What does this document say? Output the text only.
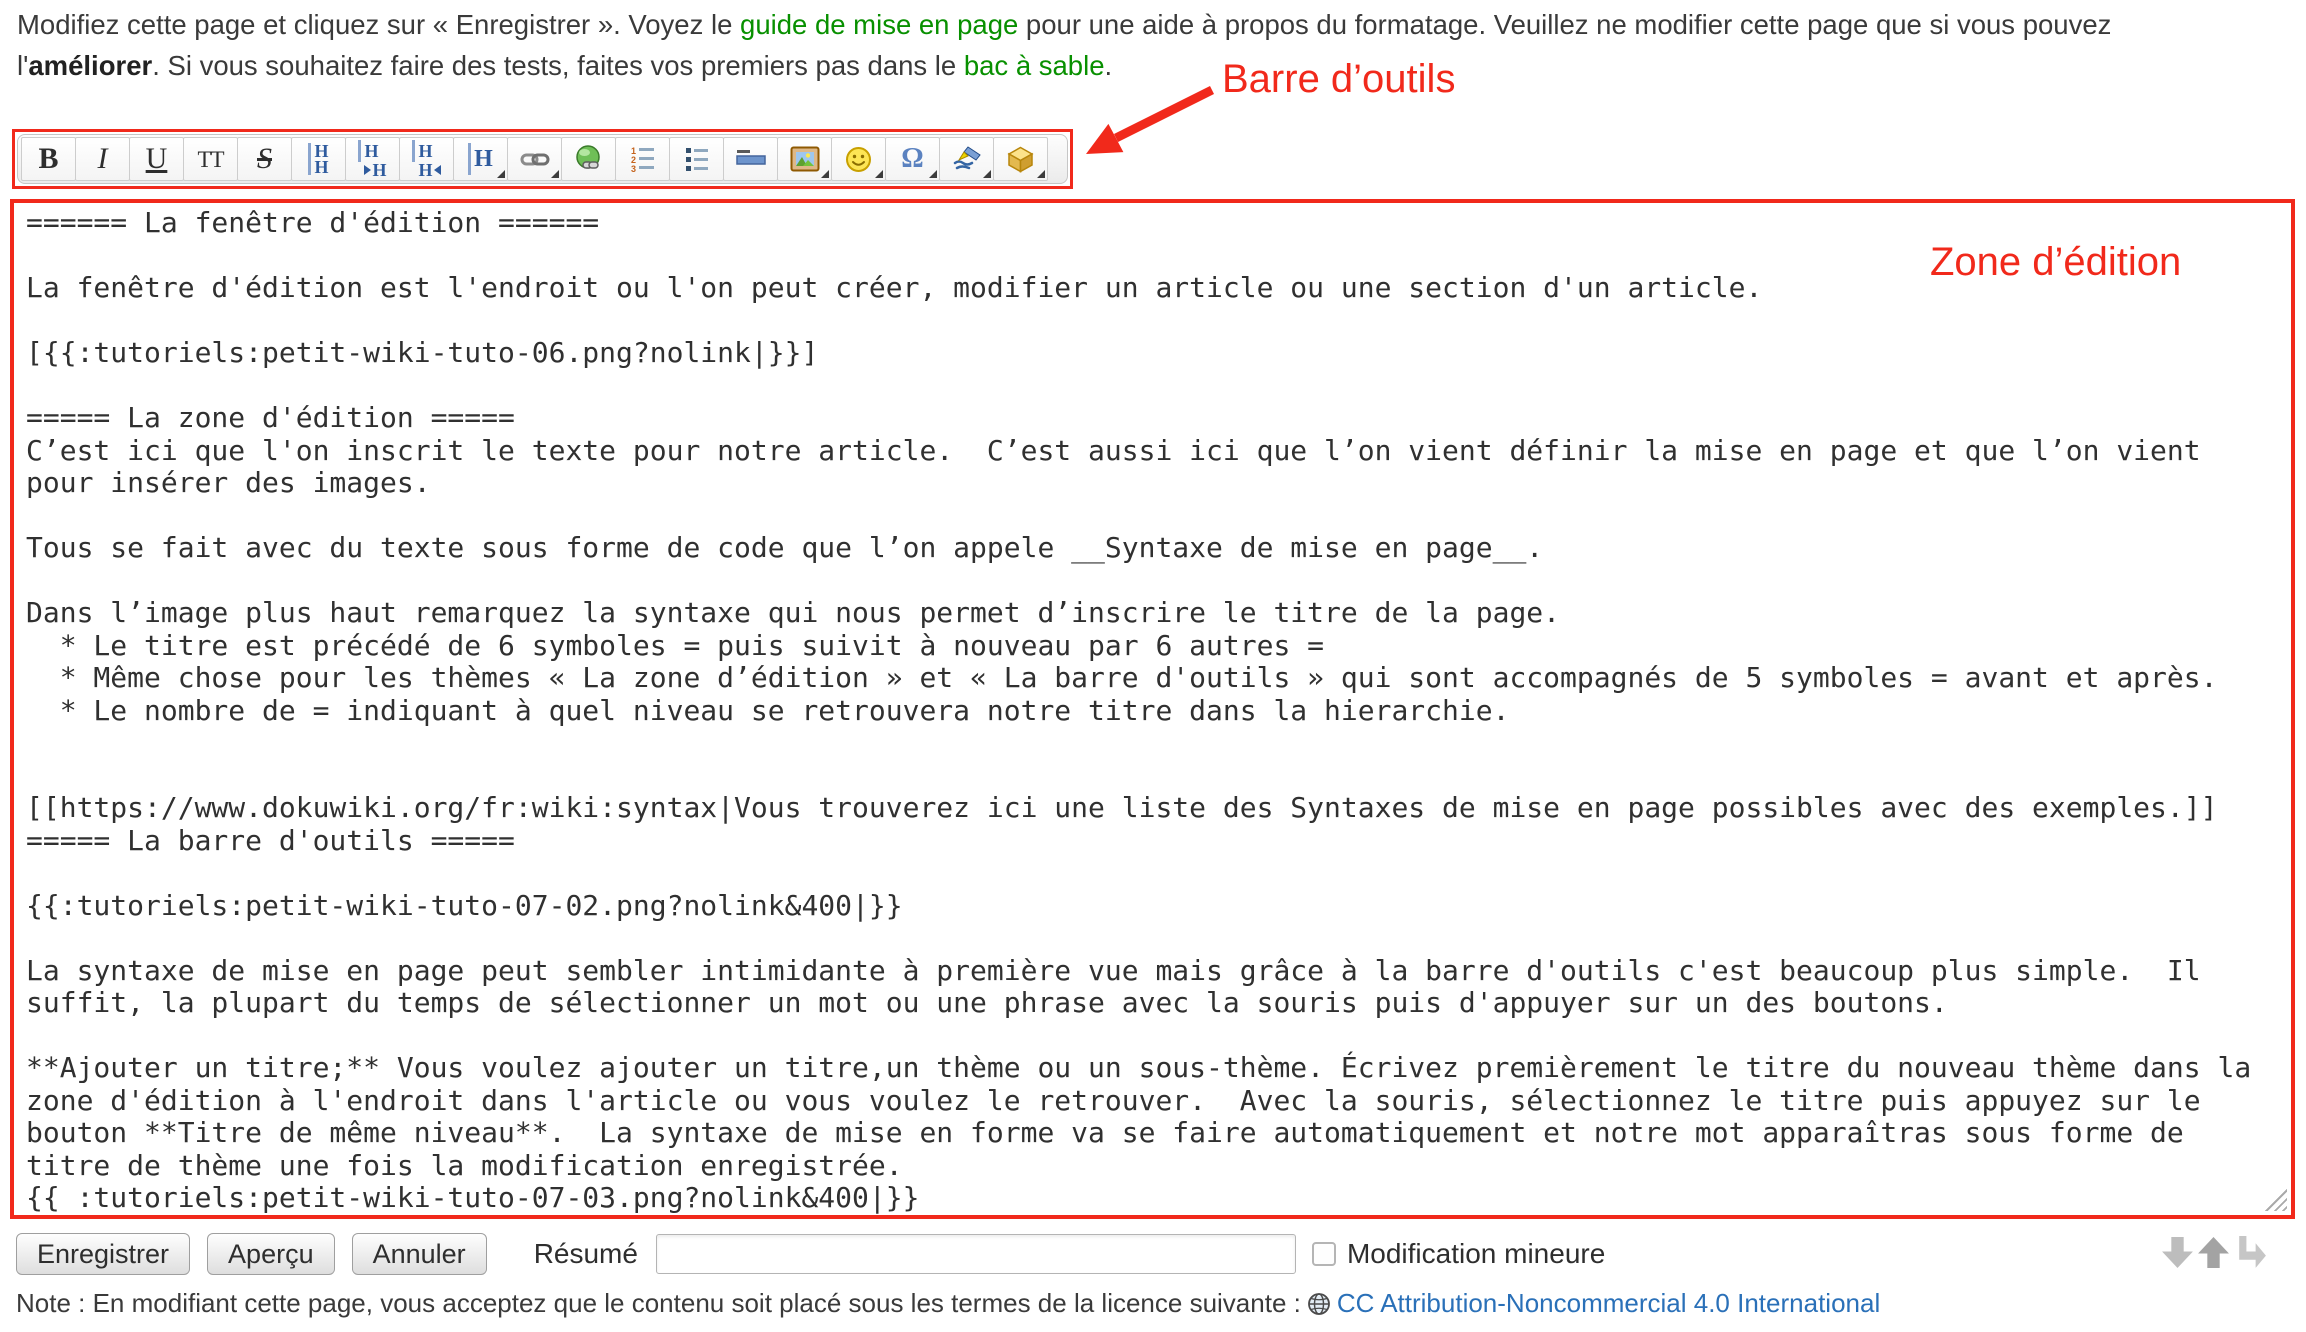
Modifiez cette page et cliquez sur « Enregistrer ». Voyez le guide de mise en page pour une aide à propos du formatage. Veuillez ne modifier cette page que si vous pouvez
l'améliorer. Si vous souhaitez faire des tests, faites vos premiers pas dans le bac à sable.	Barre d’outils
B I U TT S H
H
H
H
H
H H	1
2
3	Ω
====== La fenêtre d'édition ====== La fenêtre d'édition est l'endroit ou l'on peut créer, modifier un article ou une section d'un article. [{{:tutoriels:petit-wiki-tuto-06.png?nolink|}}] ===== La zone d'édition ===== C’est ici que l'on inscrit le texte pour notre article. C’est aussi ici que l’on vient définir la mise en page et que l’on vient pour insérer des images. Tous se fait avec du texte sous forme de code que l’on appele __Syntaxe de mise en page__. Dans l’image plus haut remarquez la syntaxe qui nous permet d’inscrire le titre de la page. * Le titre est précédé de 6 symboles = puis suivit à nouveau par 6 autres = * Même chose pour les thèmes « La zone d’édition » et « La barre d'outils » qui sont accompagnés de 5 symboles = avant et après. * Le nombre de = indiquant à quel niveau se retrouvera notre titre dans la hierarchie. [[https://www.dokuwiki.org/fr:wiki:syntax|Vous trouverez ici une liste des Syntaxes de mise en page possibles avec des exemples.]] ===== La barre d'outils ===== {{:tutoriels:petit-wiki-tuto-07-02.png?nolink&400|}} La syntaxe de mise en page peut sembler intimidante à première vue mais grâce à la barre d'outils c'est beaucoup plus simple. Il suffit, la plupart du temps de sélectionner un mot ou une phrase avec la souris puis d'appuyer sur un des boutons. **Ajouter un titre;** Vous voulez ajouter un titre,un thème ou un sous-thème. Écrivez premièrement le titre du nouveau thème dans la zone d'édition à l'endroit dans l'article ou vous voulez le retrouver. Avec la souris, sélectionnez le titre puis appuyez sur le bouton **Titre de même niveau**. La syntaxe de mise en forme va se faire automatiquement et notre mot apparaîtras sous forme de titre de thème une fois la modification enregistrée. {{ :tutoriels:petit-wiki-tuto-07-03.png?nolink&400|}}
Zone d’édition
Enregistrer	Aperçu	Annuler	Résumé	Modification mineure

Note : En modifiant cette page, vous acceptez que le contenu soit placé sous les termes de la licence suivante : CC Attribution-Noncommercial 4.0 International
